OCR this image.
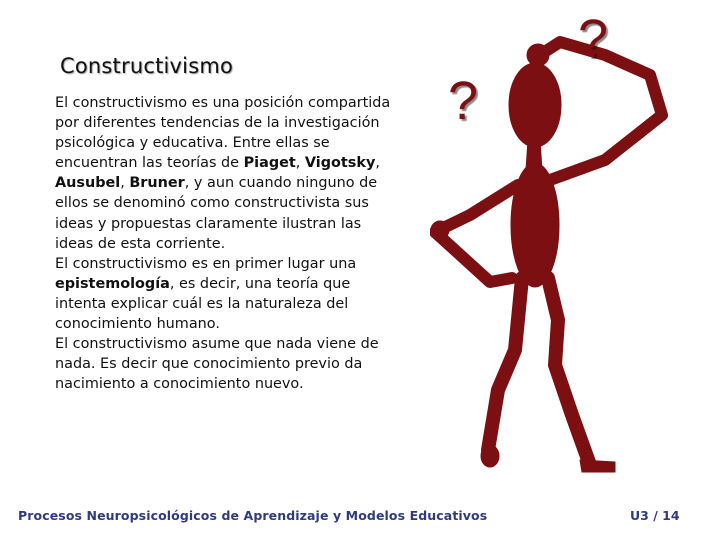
Constructivismo

El constructivismo es una posición compartida por diferentes tendencias de la investigación psicológica y educativa. Entre ellas se encuentran las teorías de Piaget, Vigotsky, Ausubel, Bruner, y aun cuando ninguno de ellos se denominó como constructivista sus ideas y propuestas claramente ilustran las ideas de esta corriente.

El constructivismo es en primer lugar una epistemología, es decir, una teoría que intenta explicar cuál es la naturaleza del conocimiento humano.

El constructivismo asume que nada viene de nada. Es decir que conocimiento previo da nacimiento a conocimiento nuevo.

?
?
Procesos Neuropsicológicos de Aprendizaje y Modelos Educativos	U3 / 14
